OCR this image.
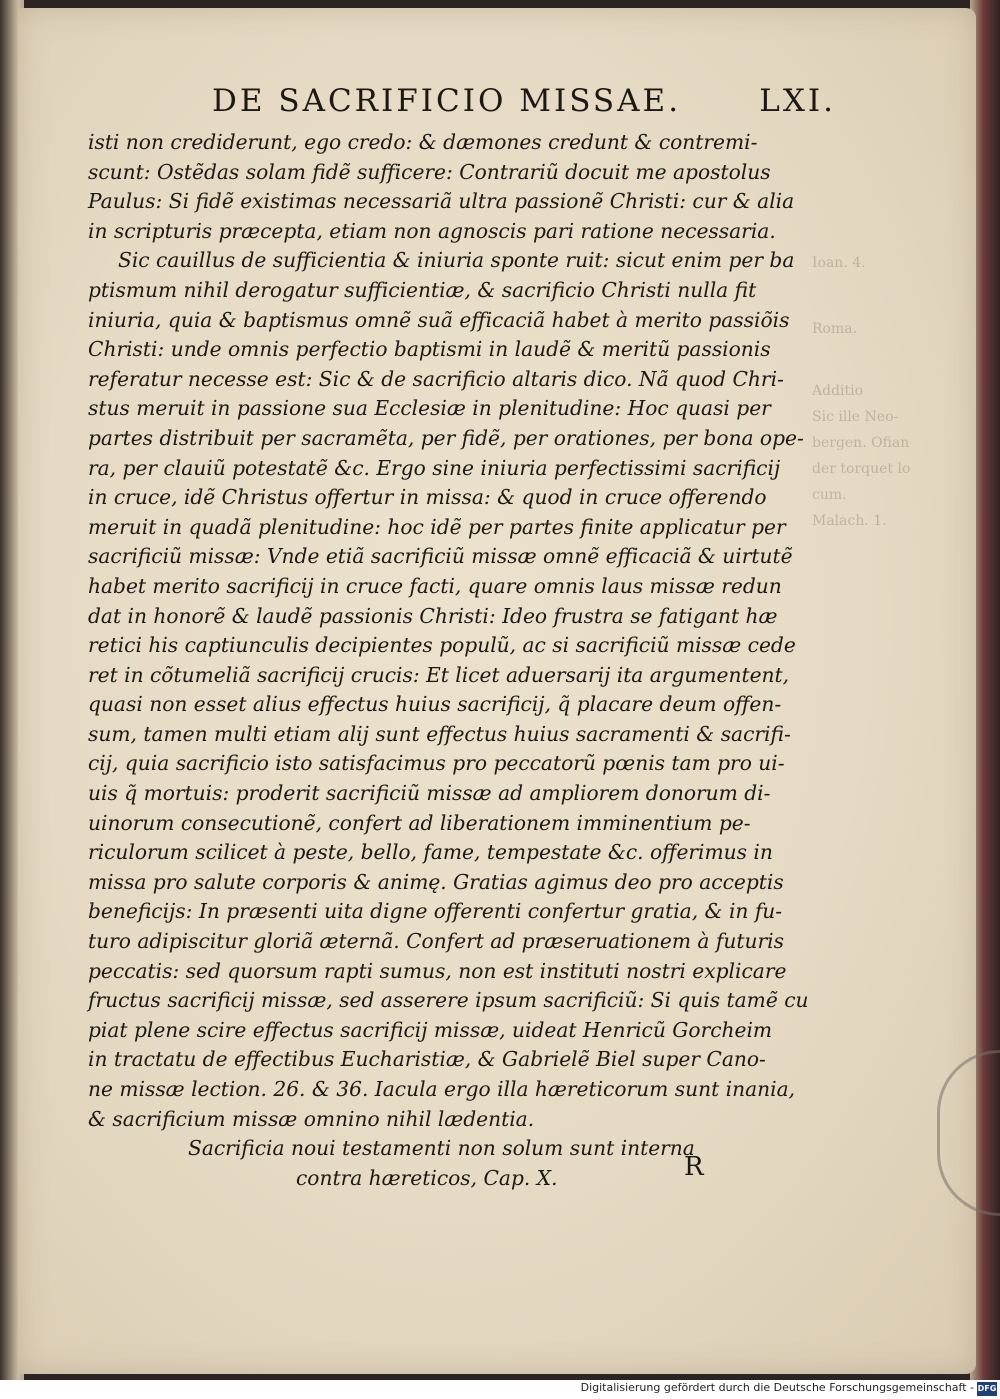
Ioan. 4.
Roma.
Additio
Sic ille Neo-
bergen. Ofian
der torquet lo
cum.
Malach. 1.
DE SACRIFICIO MISSAE.	LXI.
isti non crediderunt, ego credo: & dæmones credunt & contremi-
scunt: Ostẽdas solam fidẽ sufficere: Contrariũ docuit me apostolus
Paulus: Si fidẽ existimas necessariã ultra passionẽ Christi: cur & alia
in scripturis præcepta, etiam non agnoscis pari ratione necessaria.
Sic cauillus de sufficientia & iniuria sponte ruit: sicut enim per ba
ptismum nihil derogatur sufficientiæ, & sacrificio Christi nulla fit
iniuria, quia & baptismus omnẽ suã efficaciã habet à merito passiõis
Christi: unde omnis perfectio baptismi in laudẽ & meritũ passionis
referatur necesse est: Sic & de sacrificio altaris dico. Nã quod Chri-
stus meruit in passione sua Ecclesiæ in plenitudine: Hoc quasi per
partes distribuit per sacramẽta, per fidẽ, per orationes, per bona ope-
ra, per clauiũ potestatẽ &c. Ergo sine iniuria perfectissimi sacrificij
in cruce, idẽ Christus offertur in missa: & quod in cruce offerendo
meruit in quadã plenitudine: hoc idẽ per partes finite applicatur per
sacrificiũ missæ: Vnde etiã sacrificiũ missæ omnẽ efficaciã & uirtutẽ
habet merito sacrificij in cruce facti, quare omnis laus missæ redun
dat in honorẽ & laudẽ passionis Christi: Ideo frustra se fatigant hæ
retici his captiunculis decipientes populũ, ac si sacrificiũ missæ cede
ret in cõtumeliã sacrificij crucis: Et licet aduersarij ita argumentent,
quasi non esset alius effectus huius sacrificij, q̃ placare deum offen-
sum, tamen multi etiam alij sunt effectus huius sacramenti & sacrifi-
cij, quia sacrificio isto satisfacimus pro peccatorũ pœnis tam pro ui-
uis q̃ mortuis: proderit sacrificiũ missæ ad ampliorem donorum di-
uinorum consecutionẽ, confert ad liberationem imminentium pe-
riculorum scilicet à peste, bello, fame, tempestate &c. offerimus in
missa pro salute corporis & animę. Gratias agimus deo pro acceptis
beneficijs: In præsenti uita digne offerenti confertur gratia, & in fu-
turo adipiscitur gloriã æternã. Confert ad præseruationem à futuris
peccatis: sed quorsum rapti sumus, non est instituti nostri explicare
fructus sacrificij missæ, sed asserere ipsum sacrificiũ: Si quis tamẽ cu
piat plene scire effectus sacrificij missæ, uideat Henricũ Gorcheim
in tractatu de effectibus Eucharistiæ, & Gabrielẽ Biel super Cano-
ne missæ lection. 26. & 36. Iacula ergo illa hæreticorum sunt inania,
& sacrificium missæ omnino nihil lædentia.
Sacrificia noui testamenti non solum sunt interna
contra hæreticos, Cap. X.	R
Digitalisierung gefördert durch die Deutsche Forschungsgemeinschaft - DFG
